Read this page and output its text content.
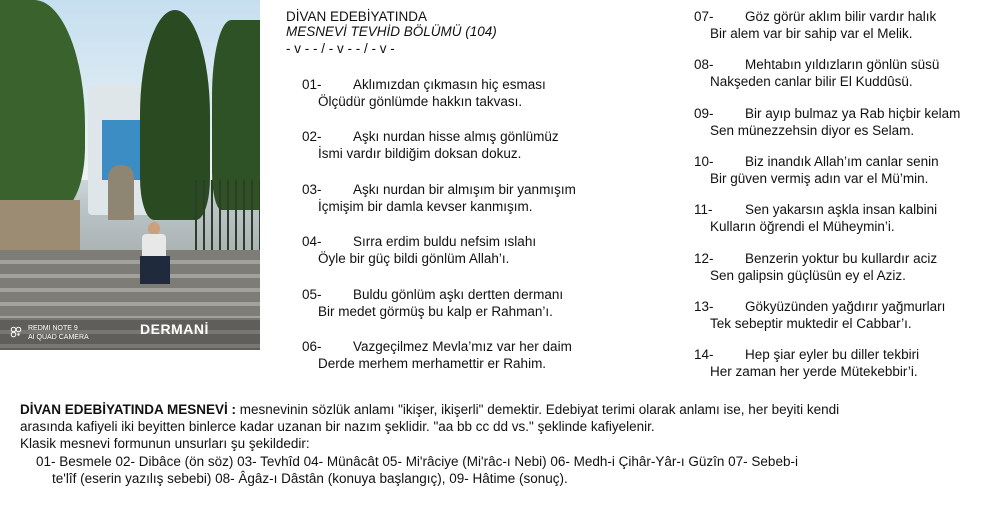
REDMI NOTE 9
AI QUAD CAMERA
DERMANİ
DİVAN EDEBİYATINDA
MESNEVİ TEVHİD BÖLÜMÜ (104)
- v - - / - v - - / - v -
01- Aklımızdan çıkmasın hiç esması
Ölçüdür gönlümde hakkın takvası.
02- Aşkı nurdan hisse almış gönlümüz
İsmi vardır bildiğim doksan dokuz.
03- Aşkı nurdan bir almışım bir yanmışım
İçmişim bir damla kevser kanmışım.
04- Sırra erdim buldu nefsim ıslahı
Öyle bir güç bildi gönlüm Allah’ı.
05- Buldu gönlüm aşkı dertten dermanı
Bir medet görmüş bu kalp er Rahman’ı.
06- Vazgeçilmez Mevla’mız var her daim
Derde merhem merhamettir er Rahim.
07- Göz görür aklım bilir vardır halık
Bir alem var bir sahip var el Melik.
08- Mehtabın yıldızların gönlün süsü
Nakşeden canlar bilir El Kuddûsü.
09- Bir ayıp bulmaz ya Rab hiçbir kelam
Sen münezzehsin diyor es Selam.
10- Biz inandık Allah’ım canlar senin
Bir güven vermiş adın var el Mü’min.
11- Sen yakarsın aşkla insan kalbini
Kulların öğrendi el Müheymin’i.
12- Benzerin yoktur bu kullardır aciz
Sen galipsin güçlüsün ey el Aziz.
13- Gökyüzünden yağdırır yağmurları
Tek sebeptir muktedir el Cabbar’ı.
14- Hep şiar eyler bu diller tekbiri
Her zaman her yerde Mütekebbir’i.

DİVAN EDEBİYATINDA MESNEVİ : mesnevinin sözlük anlamı "ikişer, ikişerli" demektir. Edebiyat terimi olarak anlamı ise, her beyiti kendi

arasında kafiyeli iki beyitten binlerce kadar uzanan bir nazım şeklidir. "aa bb cc dd vs." şeklinde kafiyelenir.

Klasik mesnevi formunun unsurları şu şekildedir:

01- Besmele 02- Dibâce (ön söz) 03- Tevhîd 04- Münâcât 05- Mi'râciye (Mi'râc-ı Nebi) 06- Medh-i Çihâr-Yâr-ı Güzîn 07- Sebeb-i
te'lîf (eserin yazılış sebebi) 08- Âgâz-ı Dâstân (konuya başlangıç), 09- Hâtime (sonuç).
